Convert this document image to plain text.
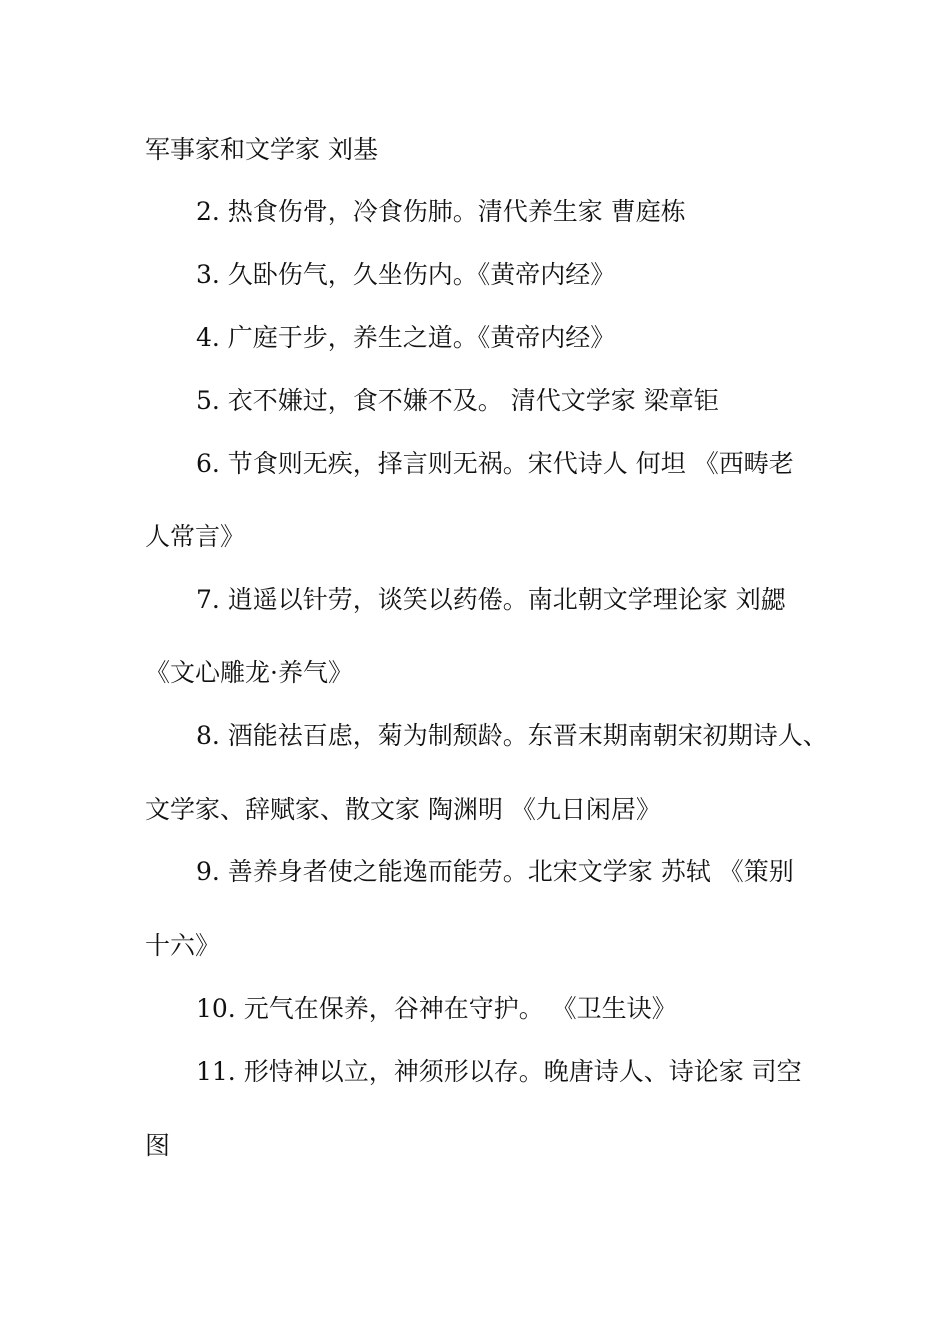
军事家和文学家 刘基
2. 热食伤骨，冷食伤肺。清代养生家 曹庭栋
3. 久卧伤气，久坐伤内。《黄帝内经》
4. 广庭于步，养生之道。《黄帝内经》
5. 衣不嫌过，食不嫌不及。 清代文学家 梁章钜
6. 节食则无疾，择言则无祸。宋代诗人 何坦 《西畴老
人常言》
7. 逍遥以针劳，谈笑以药倦。南北朝文学理论家 刘勰
《文心雕龙·养气》
8. 酒能祛百虑，菊为制颓龄。东晋末期南朝宋初期诗人、
文学家、辞赋家、散文家 陶渊明 《九日闲居》
9. 善养身者使之能逸而能劳。北宋文学家 苏轼 《策别
十六》
10. 元气在保养，谷神在守护。 《卫生诀》
11. 形恃神以立，神须形以存。晚唐诗人、诗论家 司空
图
